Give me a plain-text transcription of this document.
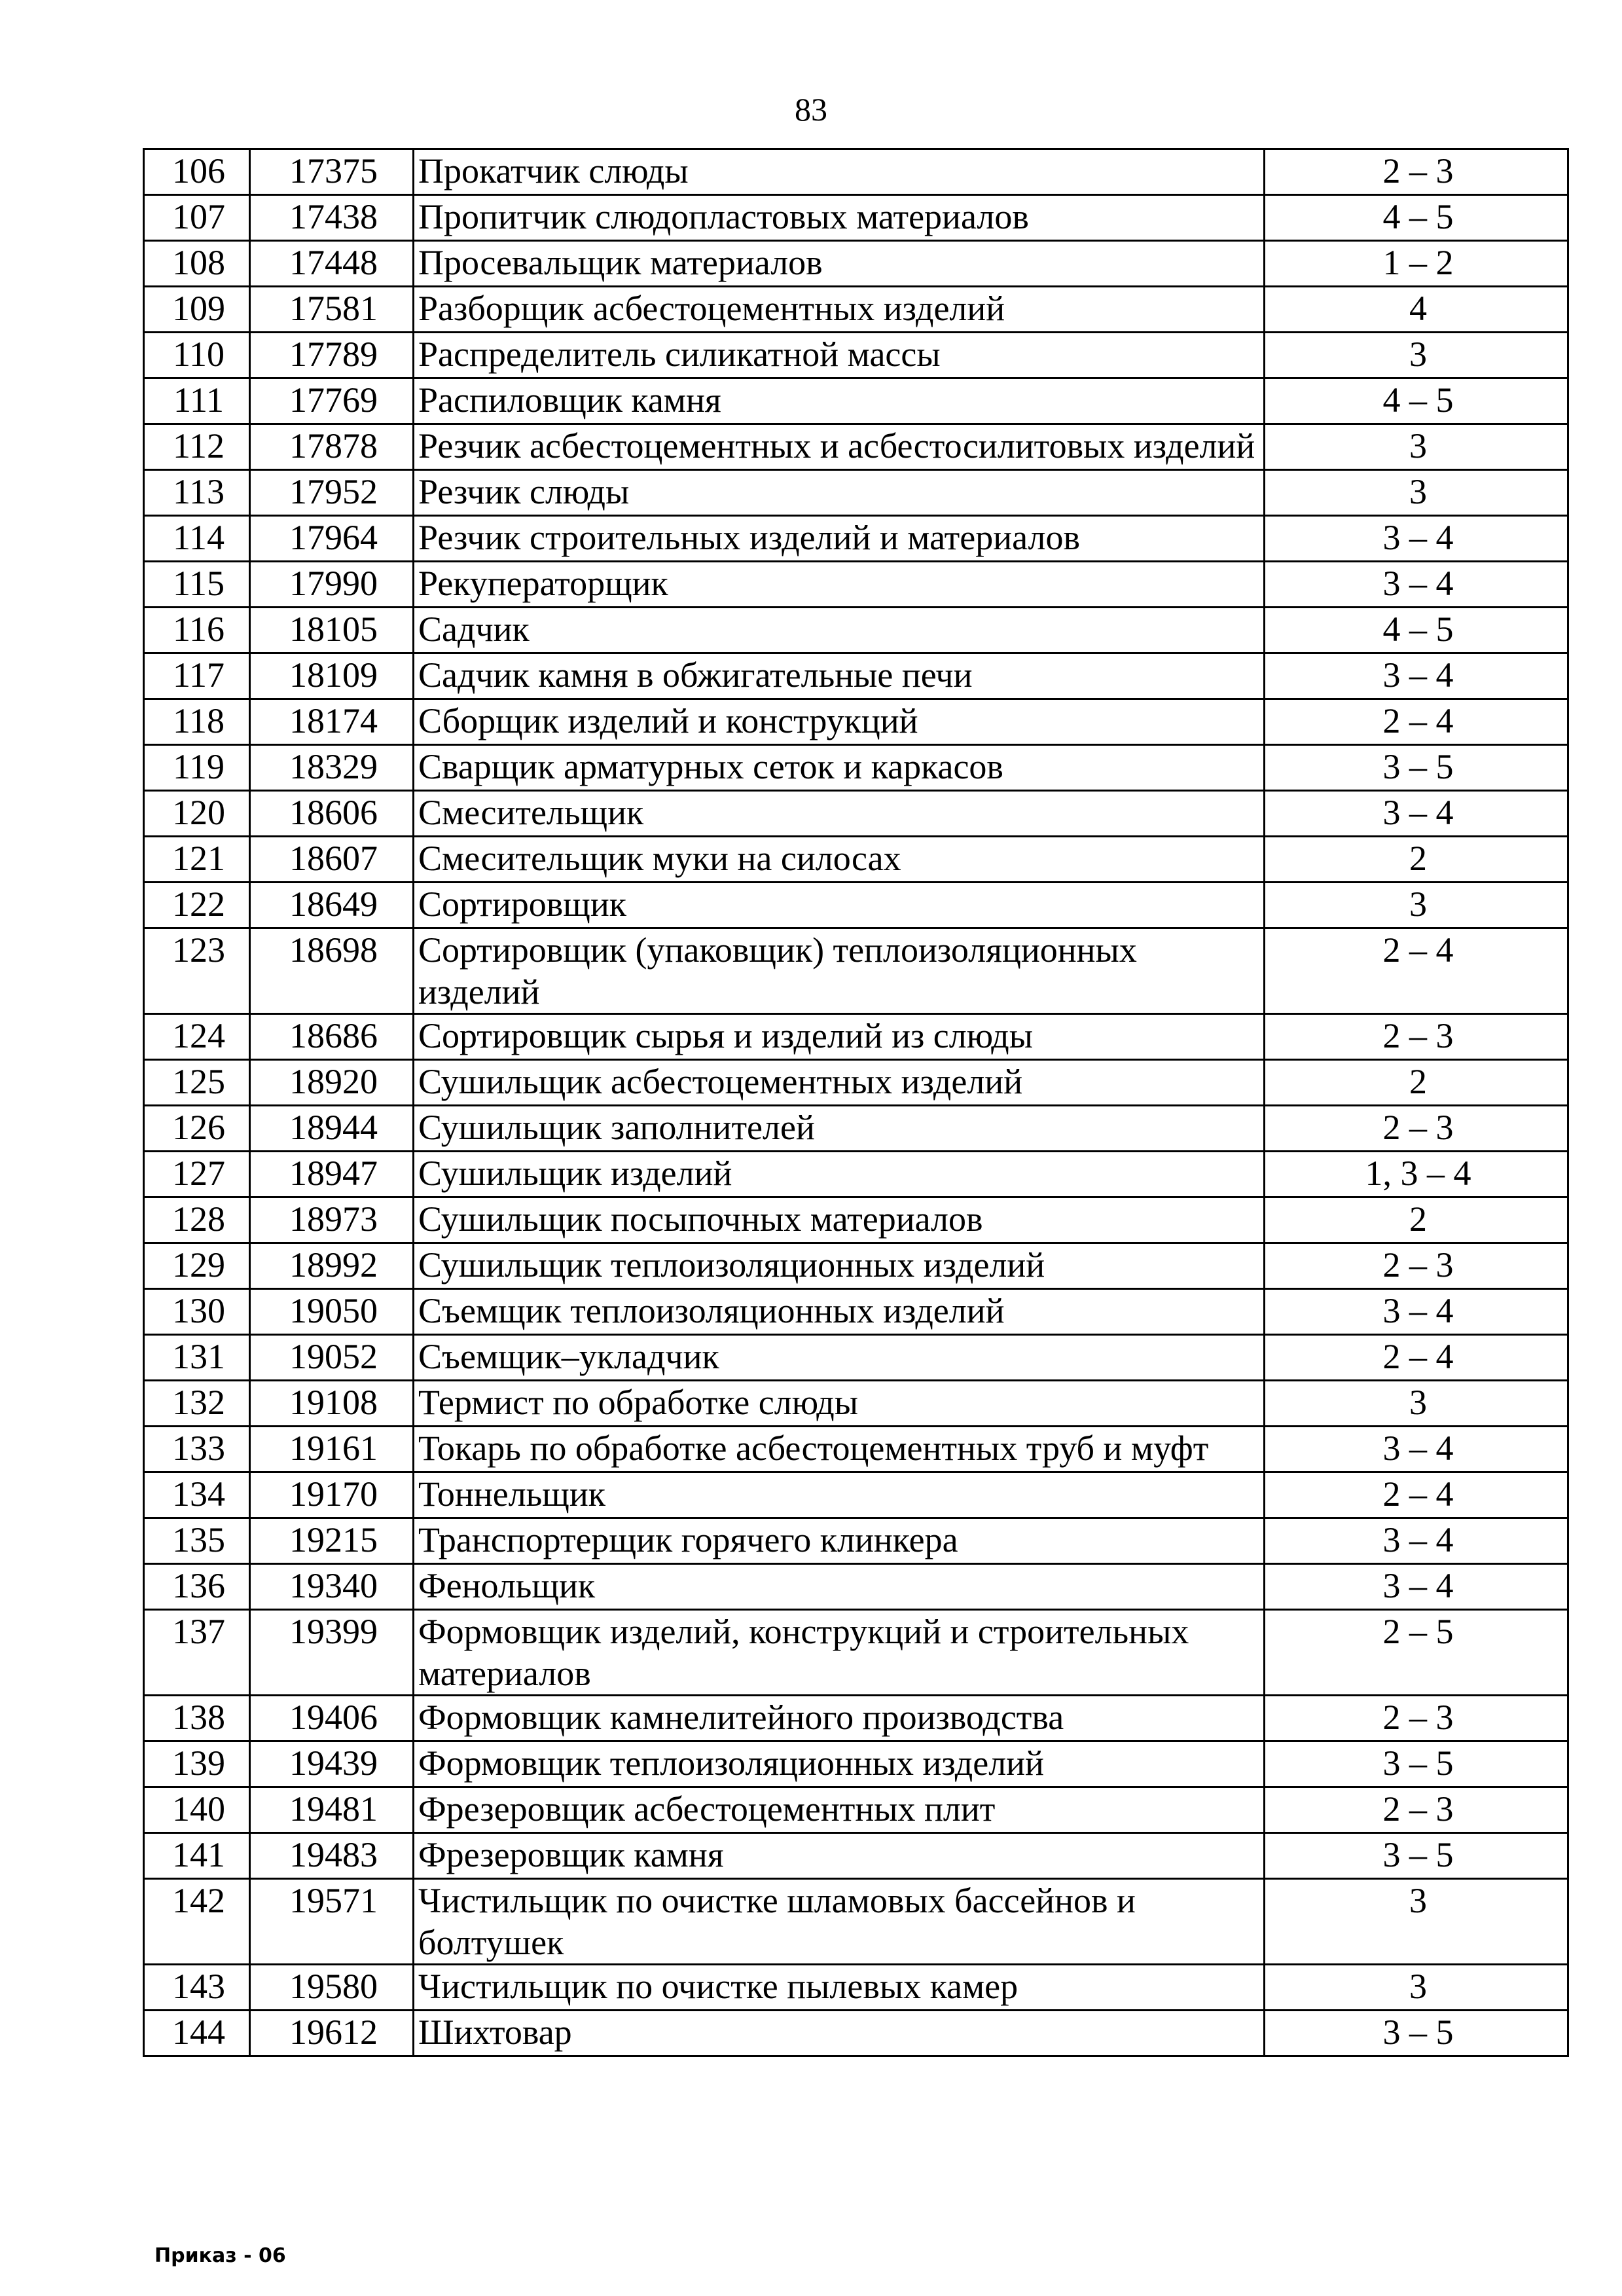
83
106	17375	Прокатчик слюды	2 – 3
107	17438	Пропитчик слюдопластовых материалов	4 – 5
108	17448	Просевальщик материалов	1 – 2
109	17581	Разборщик асбестоцементных изделий	4
110	17789	Распределитель силикатной массы	3
111	17769	Распиловщик камня	4 – 5
112	17878	Резчик асбестоцементных и асбестосилитовых изделий	3
113	17952	Резчик слюды	3
114	17964	Резчик строительных изделий и материалов	3 – 4
115	17990	Рекуператорщик	3 – 4
116	18105	Садчик	4 – 5
117	18109	Садчик камня в обжигательные печи	3 – 4
118	18174	Сборщик изделий и конструкций	2 – 4
119	18329	Сварщик арматурных сеток и каркасов	3 – 5
120	18606	Смесительщик	3 – 4
121	18607	Смесительщик муки на силосах	2
122	18649	Сортировщик	3
123	18698	Сортировщик (упаковщик) теплоизоляционных изделий	2 – 4
124	18686	Сортировщик сырья и изделий из слюды	2 – 3
125	18920	Сушильщик асбестоцементных изделий	2
126	18944	Сушильщик заполнителей	2 – 3
127	18947	Сушильщик изделий	1, 3 – 4
128	18973	Сушильщик посыпочных материалов	2
129	18992	Сушильщик теплоизоляционных изделий	2 – 3
130	19050	Съемщик теплоизоляционных изделий	3 – 4
131	19052	Съемщик–укладчик	2 – 4
132	19108	Термист по обработке слюды	3
133	19161	Токарь по обработке асбестоцементных труб и муфт	3 – 4
134	19170	Тоннельщик	2 – 4
135	19215	Транспортерщик горячего клинкера	3 – 4
136	19340	Фенольщик	3 – 4
137	19399	Формовщик изделий, конструкций и строительных материалов	2 – 5
138	19406	Формовщик камнелитейного производства	2 – 3
139	19439	Формовщик теплоизоляционных изделий	3 – 5
140	19481	Фрезеровщик асбестоцементных плит	2 – 3
141	19483	Фрезеровщик камня	3 – 5
142	19571	Чистильщик по очистке шламовых бассейнов и болтушек	3
143	19580	Чистильщик по очистке пылевых камер	3
144	19612	Шихтовар	3 – 5
Приказ - 06
